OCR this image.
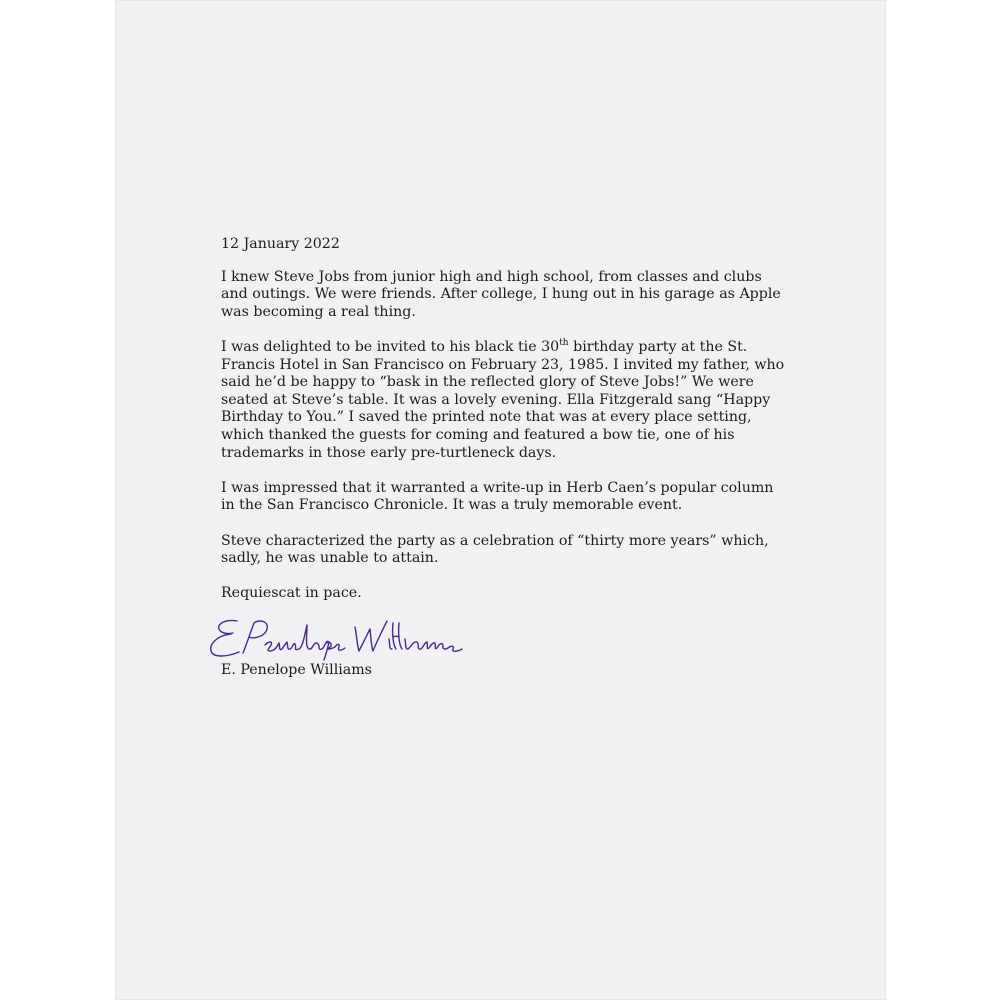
12 January 2022

I knew Steve Jobs from junior high and high school, from classes and clubs and outings. We were friends. After college, I hung out in his garage as Apple was becoming a real thing.

I was delighted to be invited to his black tie 30th birthday party at the St. Francis Hotel in San Francisco on February 23, 1985. I invited my father, who said he’d be happy to “bask in the reflected glory of Steve Jobs!” We were seated at Steve’s table. It was a lovely evening. Ella Fitzgerald sang “Happy Birthday to You.” I saved the printed note that was at every place setting, which thanked the guests for coming and featured a bow tie, one of his trademarks in those early pre-turtleneck days.

I was impressed that it warranted a write-up in Herb Caen’s popular column in the San Francisco Chronicle. It was a truly memorable event.

Steve characterized the party as a celebration of “thirty more years” which, sadly, he was unable to attain.

Requiescat in pace.

E. Penelope Williams
